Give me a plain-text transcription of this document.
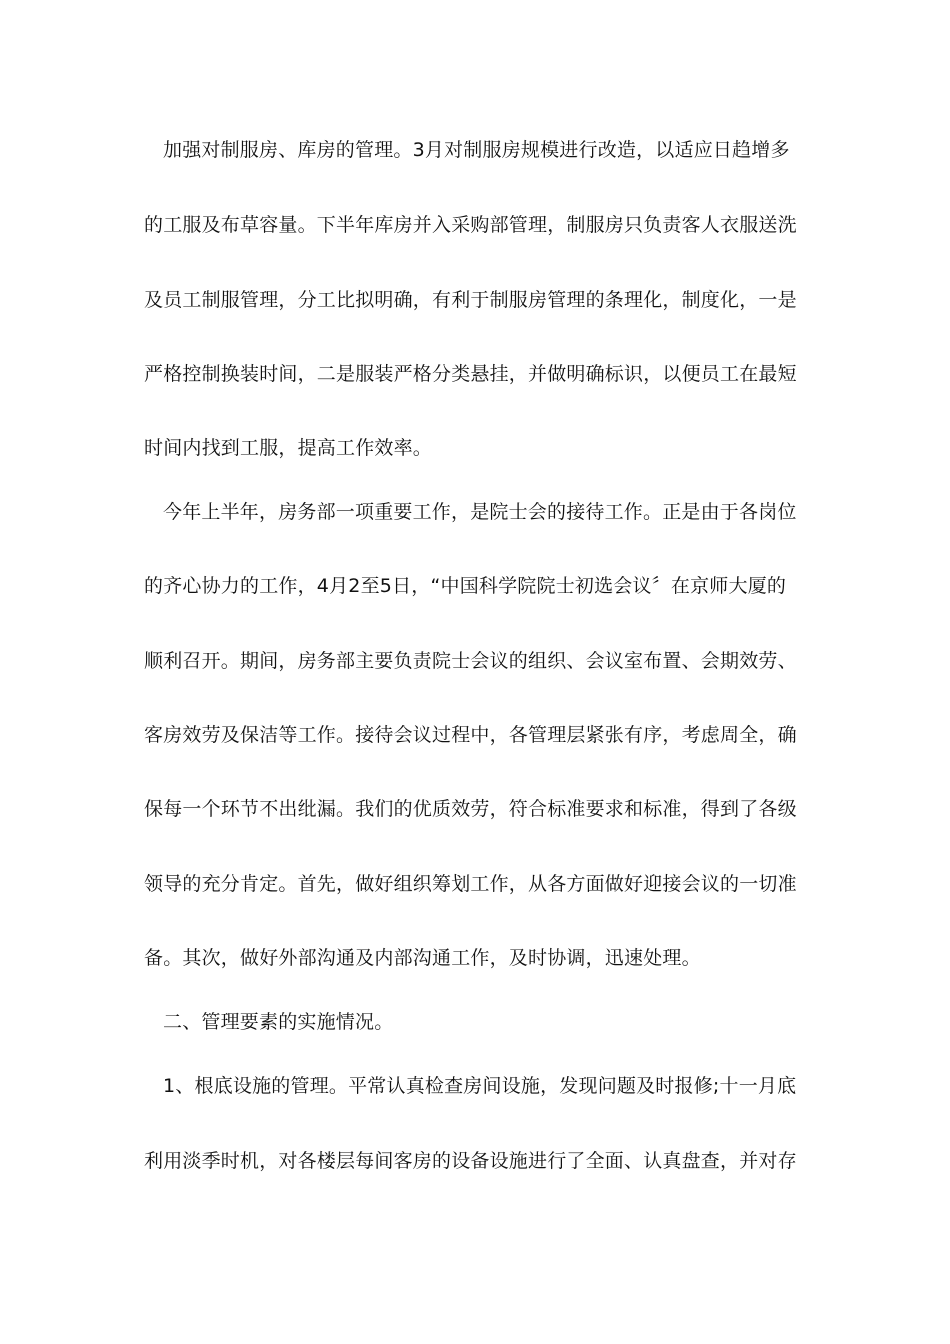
加强对制服房、库房的管理。3月对制服房规模进行改造，以适应日趋增多
的工服及布草容量。下半年库房并入采购部管理，制服房只负责客人衣服送洗
及员工制服管理，分工比拟明确，有利于制服房管理的条理化，制度化，一是
严格控制换装时间，二是服装严格分类悬挂，并做明确标识，以便员工在最短
时间内找到工服，提高工作效率。
今年上半年，房务部一项重要工作，是院士会的接待工作。正是由于各岗位
的齐心协力的工作，4月2至5日，“中国科学院院士初选会议〞在京师大厦的
顺利召开。期间，房务部主要负责院士会议的组织、会议室布置、会期效劳、
客房效劳及保洁等工作。接待会议过程中，各管理层紧张有序，考虑周全，确
保每一个环节不出纰漏。我们的优质效劳，符合标准要求和标准，得到了各级
领导的充分肯定。首先，做好组织筹划工作，从各方面做好迎接会议的一切准
备。其次，做好外部沟通及内部沟通工作，及时协调，迅速处理。
二、管理要素的实施情况。
1、根底设施的管理。平常认真检查房间设施，发现问题及时报修;十一月底
利用淡季时机，对各楼层每间客房的设备设施进行了全面、认真盘查，并对存
